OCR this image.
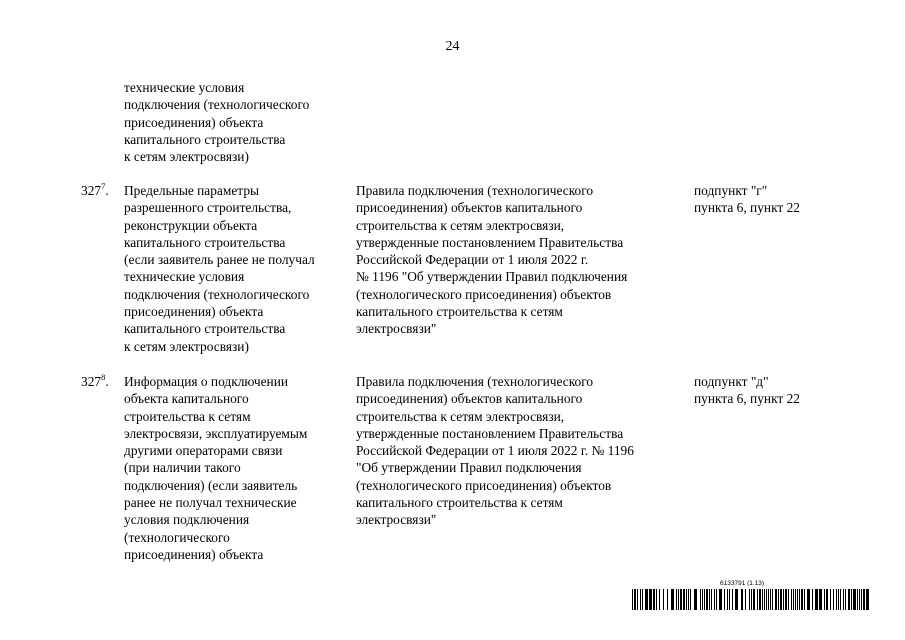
24
технические условия
подключения (технологического
присоединения) объекта
капитального строительства
к сетям электросвязи)
$327^7$. Предельные параметры
разрешенного строительства,
реконструкции объекта
капитального строительства
(если заявитель ранее не получал
технические условия
подключения (технологического
присоединения) объекта
капитального строительства
к сетям электросвязи)
Правила подключения (технологического
присоединения) объектов капитального
строительства к сетям электросвязи,
утвержденные постановлением Правительства
Российской Федерации от 1 июля 2022 г.
№ 1196 "Об утверждении Правил подключения
(технологического присоединения) объектов
капитального строительства к сетям
электросвязи"
подпункт "г"
пункта 6, пункт 22
$327^8$. Информация о подключении
объекта капитального
строительства к сетям
электросвязи, эксплуатируемым
другими операторами связи
(при наличии такого
подключения) (если заявитель
ранее не получал технические
условия подключения
(технологического
присоединения) объекта
Правила подключения (технологического
присоединения) объектов капитального
строительства к сетям электросвязи,
утвержденные постановлением Правительства
Российской Федерации от 1 июля 2022 г. № 1196
"Об утверждении Правил подключения
(технологического присоединения) объектов
капитального строительства к сетям
электросвязи"
подпункт "д"
пункта 6, пункт 22
6133791 (1.13)
